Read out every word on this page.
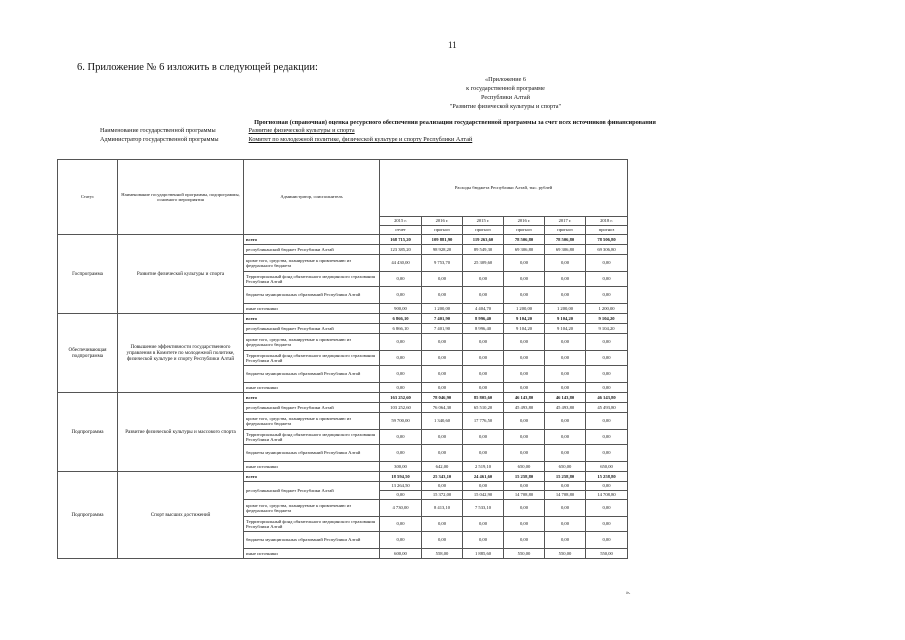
11
6. Приложение № 6 изложить в следующей редакции:
«Приложение 6
к государственной программе
Республики Алтай
"Развитие физической культуры и спорта"
Прогнозная (справочная) оценка ресурсного обеспечения реализации государственной программы за счет всех источников финансирования
Наименование государственной программы	Развитие физической культуры и спорта
Администратор государственной программы	Комитет по молодежной политике, физической культуре и спорту Республики Алтай
Статус	Наименование государственной программы, подпрограммы, основного мероприятия	Администратор, соисполнитель	Расходы бюджета Республики Алтай, тыс. рублей					
			2015 г.	2016 г.	2015 г.	2016 г.	2017 г.	2018 г.
			отчет	прогноз	прогноз	прогноз	прогноз	прогноз
Госпрограмма	Развитие физической культуры и спорта	всего	168 715,20	109 881,90	119 263,60	78 506,80	78 506,80	78 506,80
		республиканский бюджет Республики Алтай	123 385,20	98 928,20	89 549,30	69 306,80	69 306,80	69 306,80
		кроме того, средства, планируемые к привлечению из федерального бюджета	44 430,00	9 753,70	25 309,60	0,00	0,00	0,00
		Территориальный фонд обязательного медицинского страхования Республики Алтай	0,00	0,00	0,00	0,00	0,00	0,00
		бюджеты муниципальных образований Республики Алтай	0,00	0,00	0,00	0,00	0,00	0,00
		иные источники	900,00	1 200,00	4 404,70	1 200,00	1 200,00	1 200,00
Обеспечивающая подпрограмма	Повышение эффективности государственного управления в Комитете по молодежной политике, физической культуре и спорту Республики Алтай	всего	6 866,10	7 401,90	8 996,40	9 104,20	9 104,20	9 104,20
		республиканский бюджет Республики Алтай	6 866,10	7 401,90	8 996,40	9 104,20	9 104,20	9 104,20
		кроме того, средства, планируемые к привлечению из федерального бюджета	0,00	0,00	0,00	0,00	0,00	0,00
		Территориальный фонд обязательного медицинского страхования Республики Алтай	0,00	0,00	0,00	0,00	0,00	0,00
		бюджеты муниципальных образований Республики Алтай	0,00	0,00	0,00	0,00	0,00	0,00
		иные источники	0,00	0,00	0,00	0,00	0,00	0,00
Подпрограмма	Развитие физической культуры и массового спорта	всего	163 252,60	78 046,90	85 805,60	46 143,80	46 143,80	46 143,80
		республиканский бюджет Республики Алтай	103 252,60	76 064,30	65 510,20	45 493,80	45 493,80	45 493,80
		кроме того, средства, планируемые к привлечению из федерального бюджета	59 700,00	1 340,60	17 776,50	0,00	0,00	0,00
		Территориальный фонд обязательного медицинского страхования Республики Алтай	0,00	0,00	0,00	0,00	0,00	0,00
		бюджеты муниципальных образований Республики Алтай	0,00	0,00	0,00	0,00	0,00	0,00
		иные источники	300,00	642,00	2 519,10	650,00	650,00	650,00
Подпрограмма	Спорт высших достижений	всего	18 594,50	25 343,10	24 461,60	15 258,80	15 258,80	15 258,80
		республиканский бюджет Республики Алтай	13 264,50	0,00	0,00	0,00	0,00	0,00
			0,00	15 372,00	15 042,90	14 708,80	14 708,80	14 708,80
		кроме того, средства, планируемые к привлечению из федерального бюджета	4 730,00	8 413,10	7 533,10	0,00	0,00	0,00
		Территориальный фонд обязательного медицинского страхования Республики Алтай	0,00	0,00	0,00	0,00	0,00	0,00
		бюджеты муниципальных образований Республики Алтай	0,00	0,00	0,00	0,00	0,00	0,00
		иные источники	600,00	558,00	1 885,60	550,00	550,00	550,00
».
